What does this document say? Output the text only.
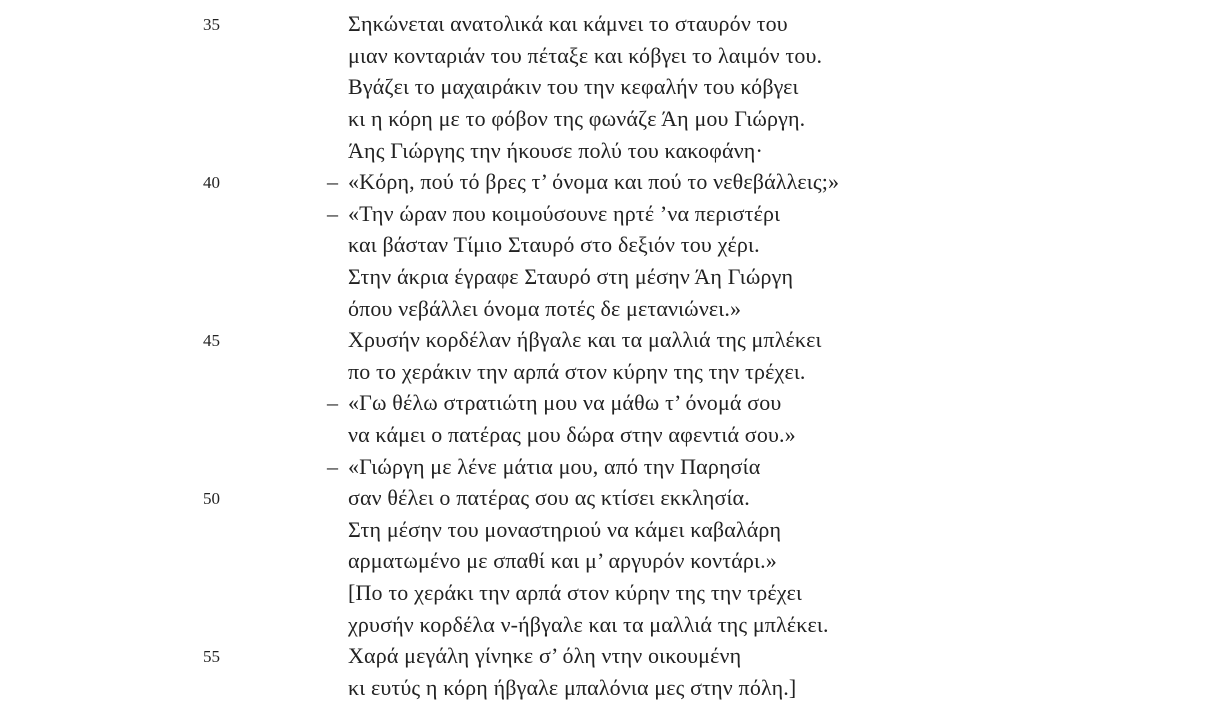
35	Σηκώνεται ανατολικά και κάμνει το σταυρόν του
μιαν κονταριάν του πέταξε και κόβγει το λαιμόν του.
Βγάζει το μαχαιράκιν του την κεφαλήν του κόβγει
κι η κόρη με το φόβον της φωνάζε Άη μου Γιώργη.
Άης Γιώργης την ήκουσε πολύ του κακοφάνη·
40	– «Κόρη, πού τό βρες τ’ όνομα και πού το νεθεβάλλεις;»
– «Την ώραν που κοιμούσουνε ηρτέ ’να περιστέρι
και βάσταν Τίμιο Σταυρό στο δεξιόν του χέρι.
Στην άκρια έγραφε Σταυρό στη μέσην Άη Γιώργη
όπου νεβάλλει όνομα ποτές δε μετανιώνει.»
45	Χρυσήν κορδέλαν ήβγαλε και τα μαλλιά της μπλέκει
πο το χεράκιν την αρπά στον κύρην της την τρέχει.
– «Γω θέλω στρατιώτη μου να μάθω τ’ όνομά σου
να κάμει ο πατέρας μου δώρα στην αφεντιά σου.»
– «Γιώργη με λένε μάτια μου, από την Παρησία
50	σαν θέλει ο πατέρας σου ας κτίσει εκκλησία.
Στη μέσην του μοναστηριού να κάμει καβαλάρη
αρματωμένο με σπαθί και μ’ αργυρόν κοντάρι.»
[Πο το χεράκι την αρπά στον κύρην της την τρέχει
χρυσήν κορδέλα ν-ήβγαλε και τα μαλλιά της μπλέκει.
55	Χαρά μεγάλη γίνηκε σ’ όλη ντην οικουμένη
κι ευτύς η κόρη ήβγαλε μπαλόνια μες στην πόλη.]
